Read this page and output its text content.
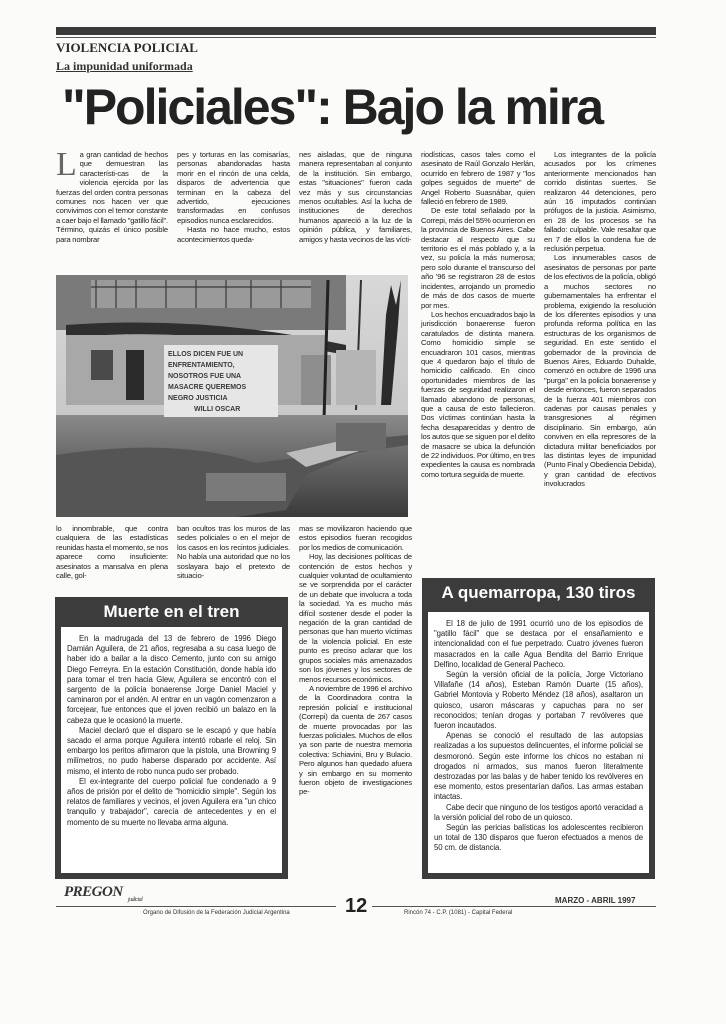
VIOLENCIA POLICIAL
La impunidad uniformada
"Policiales": Bajo la mira
L a gran cantidad de hechos que demuestran las característi-cas de la violencia ejercida por las fuerzas del orden contra personas comunes nos hacen ver que convivimos con el temor constante a caer bajo el llamado "gatillo fácil". Término, quizás el único posible para nombrar

pes y torturas en las comisarías, personas abandonadas hasta morir en el rincón de una celda, disparos de advertencia que terminan en la cabeza del advertido, ejecuciones transformadas en confusos episodios nunca esclarecidos.

Hasta no hace mucho, estos acontecimientos queda-

nes aisladas, que de ninguna manera representaban al conjunto de la institución. Sin embargo, estas "situaciones" fueron cada vez más y sus circunstancias menos ocultables. Así la lucha de instituciones de derechos humanos apareció a la luz de la opinión pública, y familiares, amigos y hasta vecinos de las vícti-

ELLOS DICEN FUE UN
ENFRENTAMIENTO,
NOSOTROS FUE UNA
MASACRE QUEREMOS
NEGRO JUSTICIA
WILLI OSCAR

lo innombrable, que contra cualquiera de las estadísticas reunidas hasta el momento, se nos aparece como insuficiente: asesinatos a mansalva en plena calle, gol-

ban ocultos tras los muros de las sedes policiales o en el mejor de los casos en los recintos judiciales. No había una autoridad que no los soslayara bajo el pretexto de situacio-

mas se movilizaron haciendo que estos episodios fueran recogidos por los medios de comunicación.

Hoy, las decisiones políticas de contención de estos hechos y cualquier voluntad de ocultamiento se ve sorprendida por el carácter de un debate que involucra a toda la sociedad. Ya es mucho más difícil sostener desde el poder la negación de la gran cantidad de personas que han muerto víctimas de la violencia policial. En este punto es preciso aclarar que los grupos sociales más amenazados son los jóvenes y los sectores de menos recursos económicos.

A noviembre de 1996 el archivo de la Coordinadora contra la represión policial e institucional (Correpi) da cuenta de 267 casos de muerte provocadas por las fuerzas policiales. Muchos de ellos ya son parte de nuestra memoria colectiva: Schiavini, Bru y Bulacio. Pero algunos han quedado afuera y sin embargo en su momento fueron objeto de investigaciones pe-

riodísticas, casos tales como el asesinato de Raúl Gonzalo Herlán, ocurrido en febrero de 1987 y "los golpes seguidos de muerte" de Angel Roberto Suasnábar, quien falleció en febrero de 1989.

De este total señalado por la Correpi, más del 55% ocurrieron en la provincia de Buenos Aires. Cabe destacar al respecto que su territorio es el más poblado y, a la vez, su policía la más numerosa; pero solo durante el transcurso del año '96 se registraron 28 de estos incidentes, arrojando un promedio de más de dos casos de muerte por mes.

Los hechos encuadrados bajo la jurisdicción bonaerense fueron caratulados de distinta manera. Como homicidio simple se encuadraron 101 casos, mientras que 4 quedaron bajo el título de homicidio calificado. En cinco oportunidades miembros de las fuerzas de seguridad realizaron el llamado abandono de personas, que a causa de esto fallecieron. Dos víctimas continúan hasta la fecha desaparecidas y dentro de los autos que se siguen por el delito de masacre se ubica la defunción de 22 individuos. Por último, en tres expedientes la causa es nombrada como tortura seguida de muerte.

Los integrantes de la policía acusados por los crímenes anteriormente mencionados han corrido distintas suertes. Se realizaron 44 detenciones, pero aún 16 imputados continúan prófugos de la justicia. Asimismo, en 28 de los procesos se ha fallado: culpable. Vale resaltar que en 7 de ellos la condena fue de reclusión perpetua.

Los innumerables casos de asesinatos de personas por parte de los efectivos de la policía, obligó a muchos sectores no gubernamentales ha enfrentar el problema, exigiendo la resolución de los diferentes episodios y una profunda reforma política en las estructuras de los organismos de seguridad. En este sentido el gobernador de la provincia de Buenos Aires, Eduardo Duhalde, comenzó en octubre de 1996 una "purga" en la policía bonaerense y desde entonces, fueron separados de la fuerza 401 miembros con cadenas por causas penales y transgresiones al régimen disciplinario. Sin embargo, aún conviven en ella represores de la dictadura militar beneficiados por las distintas leyes de impunidad (Punto Final y Obediencia Debida), y gran cantidad de efectivos involucrados

Muerte en el tren

En la madrugada del 13 de febrero de 1996 Diego Damián Aguilera, de 21 años, regresaba a su casa luego de haber ido a bailar a la disco Cemento, junto con su amigo Diego Ferreyra. En la estación Constitución, donde había ido para tomar el tren hacia Glew, Aguilera se encontró con el sargento de la policía bonaerense Jorge Daniel Maciel y caminaron por el andén. Al entrar en un vagón comenzaron a forcejear, fue entonces que el joven recibió un balazo en la cabeza que le ocasionó la muerte.

Maciel declaró que el disparo se le escapó y que había sacado el arma porque Aguilera intentó robarle el reloj. Sin embargo los peritos afirmaron que la pistola, una Browning 9 milímetros, no pudo haberse disparado por accidente. Así mismo, el intento de robo nunca pudo ser probado.

El ex-integrante del cuerpo policial fue condenado a 9 años de prisión por el delito de "homicidio simple". Según los relatos de familiares y vecinos, el joven Aguilera era "un chico tranquilo y trabajador", carecía de antecedentes y en el momento de su muerte no llevaba arma alguna.

A quemarropa, 130 tiros

El 18 de julio de 1991 ocurrió uno de los episodios de "gatillo fácil" que se destaca por el ensañamiento e intencionalidad con el fue perpetrado. Cuatro jóvenes fueron masacrados en la calle Agua Bendita del Barrio Enrique Delfino, localidad de General Pacheco.

Según la versión oficial de la policía, Jorge Victoriano Villafañe (14 años), Esteban Ramón Duarte (15 años), Gabriel Montovia y Roberto Méndez (18 años), asaltaron un quiosco, usaron máscaras y capuchas para no ser reconocidos; tenían drogas y portaban 7 revólveres que fueron incautados.

Apenas se conoció el resultado de las autopsias realizadas a los supuestos delincuentes, el informe policial se desmoronó. Según este informe los chicos no estaban ni drogados ni armados, sus manos fueron literalmente destrozadas por las balas y de haber tenido los revólveres en ese momento, estos presentarían daños. Las armas estaban intactas.

Cabe decir que ninguno de los testigos aportó veracidad a la versión policial del robo de un quiosco.

Según las pericias balísticas los adolescentes recibieron un total de 130 disparos que fueron efectuados a menos de 50 cm. de distancia.

PREGON $_{judicial}$	12	MARZO - ABRIL 1997
Organo de Difusión de la Federación Judicial Argentina	Rincón 74 - C.P. (1081) - Capital Federal
